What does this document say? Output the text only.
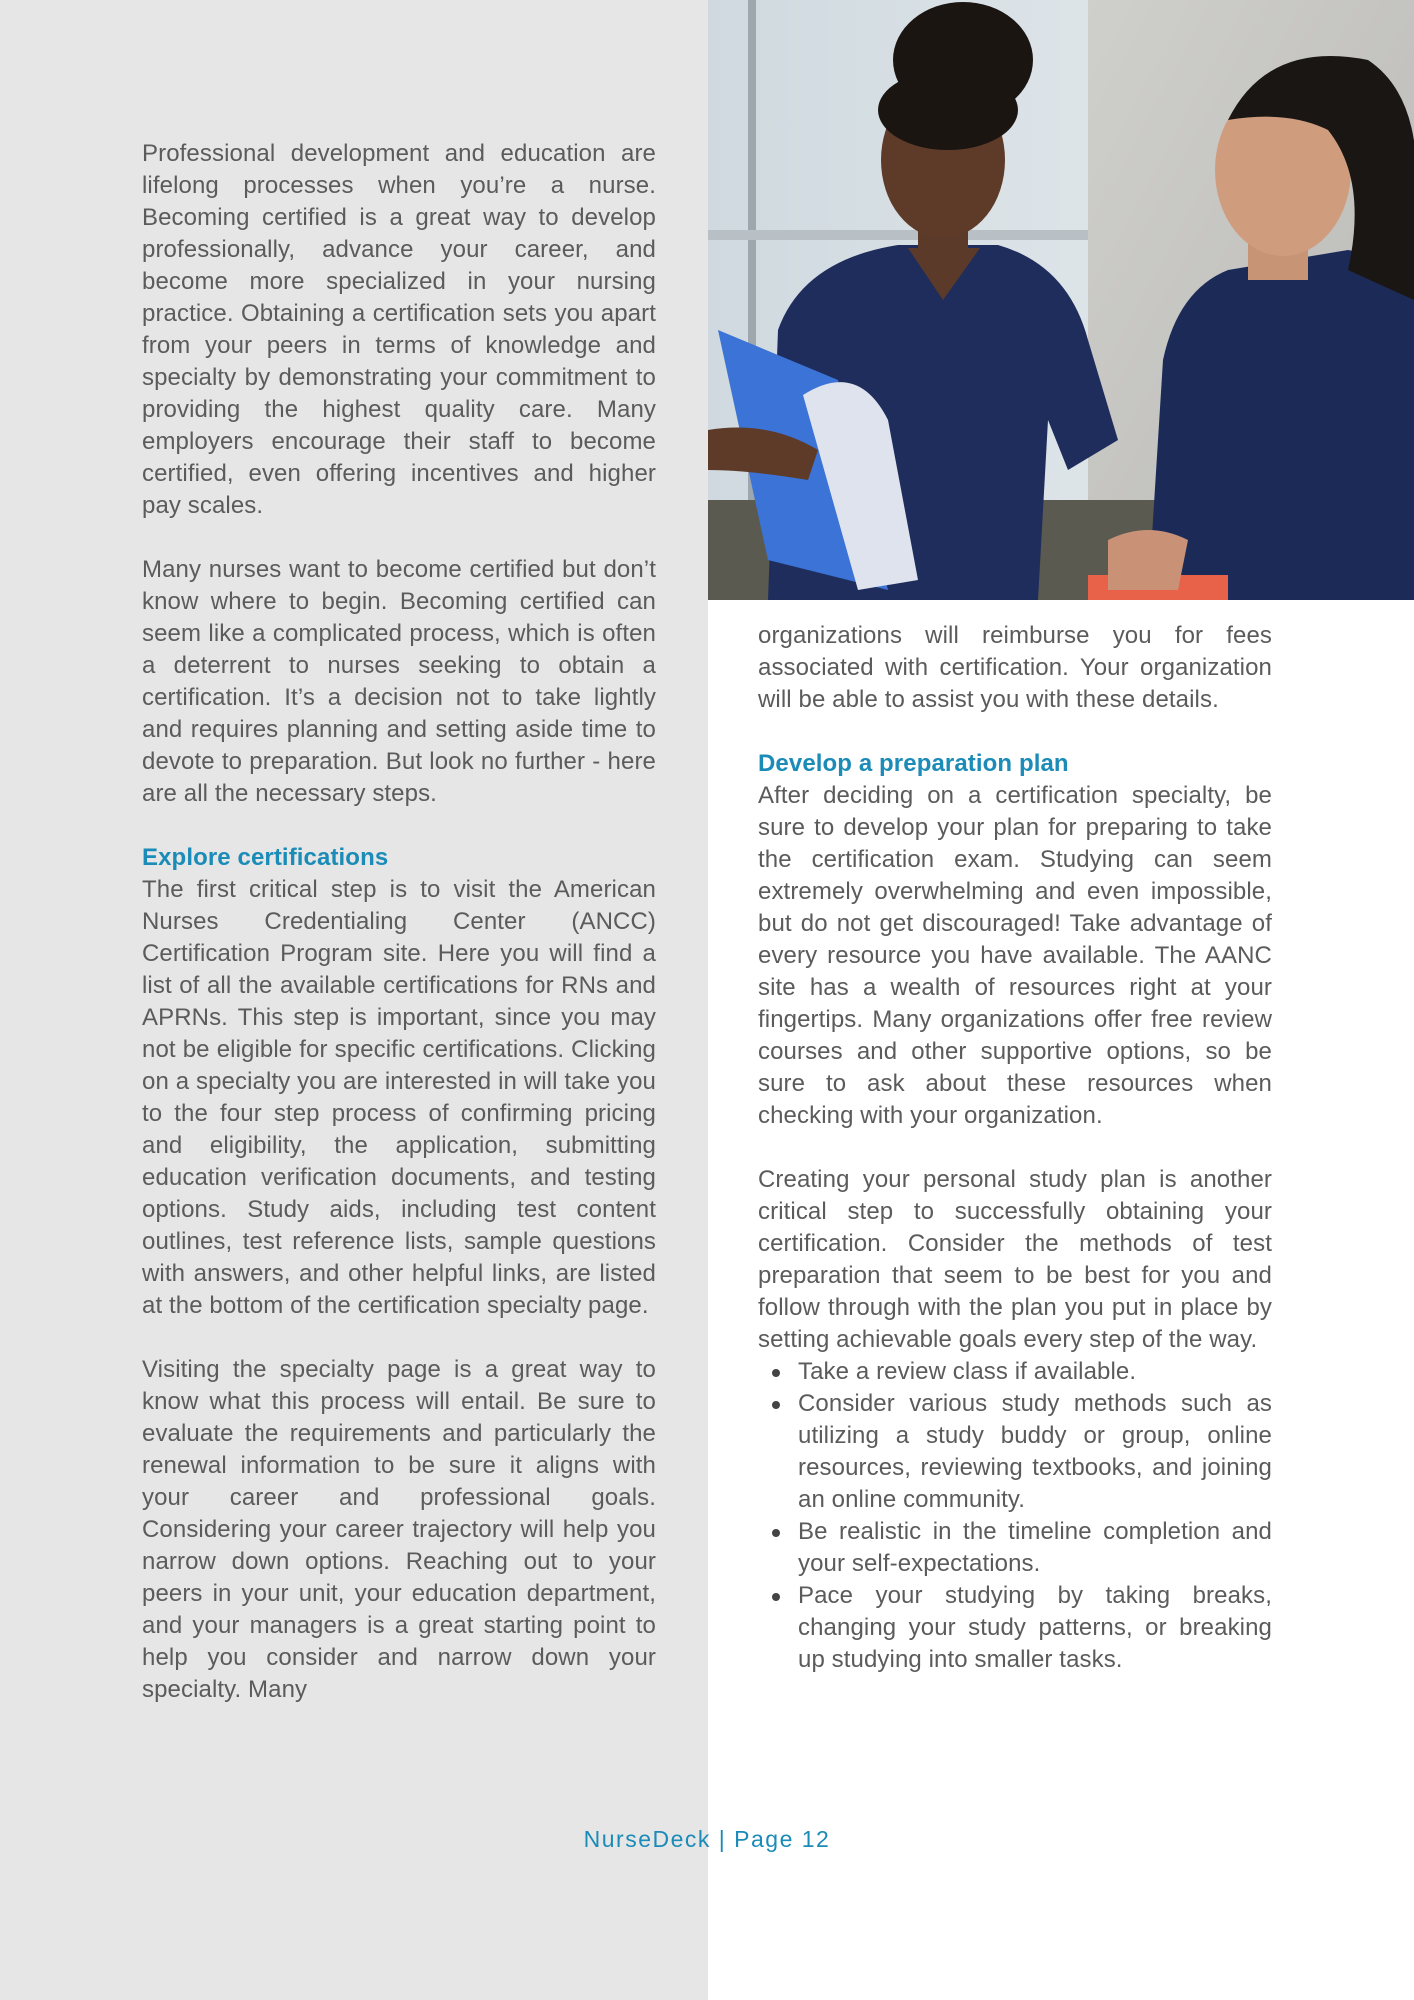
Professional development and education are lifelong processes when you’re a nurse. Becoming certified is a great way to develop professionally, advance your career, and become more specialized in your nursing practice. Obtaining a certification sets you apart from your peers in terms of knowledge and specialty by demonstrating your commitment to providing the highest quality care. Many employers encourage their staff to become certified, even offering incentives and higher pay scales.

Many nurses want to become certified but don’t know where to begin. Becoming certified can seem like a complicated process, which is often a deterrent to nurses seeking to obtain a certification. It’s a decision not to take lightly and requires planning and setting aside time to devote to preparation. But look no further - here are all the necessary steps.

Explore certifications

The first critical step is to visit the American Nurses Credentialing Center (ANCC) Certification Program site. Here you will find a list of all the available certifications for RNs and APRNs. This step is important, since you may not be eligible for specific certifications. Clicking on a specialty you are interested in will take you to the four step process of confirming pricing and eligibility, the application, submitting education verification documents, and testing options. Study aids, including test content outlines, test reference lists, sample questions with answers, and other helpful links, are listed at the bottom of the certification specialty page.

Visiting the specialty page is a great way to know what this process will entail. Be sure to evaluate the requirements and particularly the renewal information to be sure it aligns with your career and professional goals. Considering your career trajectory will help you narrow down options. Reaching out to your peers in your unit, your education department, and your managers is a great starting point to help you consider and narrow down your specialty. Many

organizations will reimburse you for fees associated with certification. Your organization will be able to assist you with these details.

Develop a preparation plan

After deciding on a certification specialty, be sure to develop your plan for preparing to take the certification exam. Studying can seem extremely overwhelming and even impossible, but do not get discouraged! Take advantage of every resource you have available. The AANC site has a wealth of resources right at your fingertips. Many organizations offer free review courses and other supportive options, so be sure to ask about these resources when checking with your organization.

Creating your personal study plan is another critical step to successfully obtaining your certification. Consider the methods of test preparation that seem to be best for you and follow through with the plan you put in place by setting achievable goals every step of the way.

Take a review class if available.
Consider various study methods such as utilizing a study buddy or group, online resources, reviewing textbooks, and joining an online community.
Be realistic in the timeline completion and your self-expectations.
Pace your studying by taking breaks, changing your study patterns, or breaking up studying into smaller tasks.
NurseDeck | Page 12
